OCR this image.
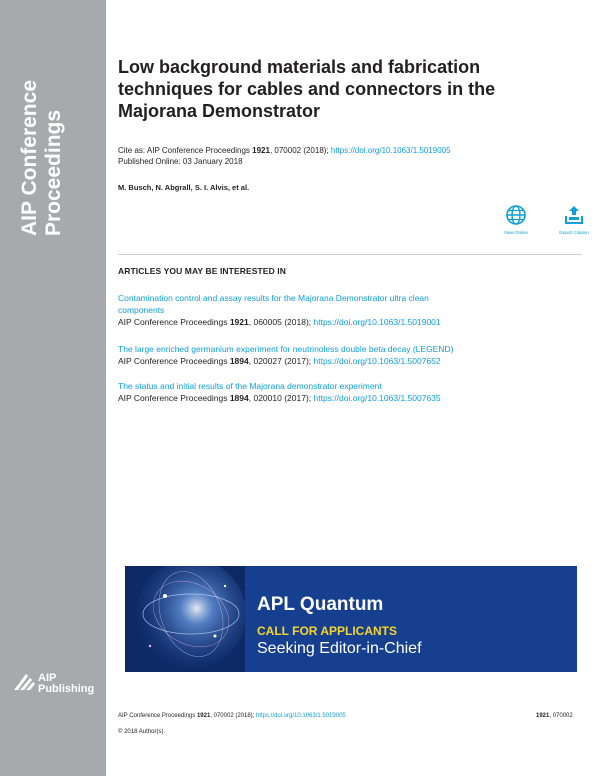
AIP Conference Proceedings
AIP
Publishing
Low background materials and fabrication
techniques for cables and connectors in the
Majorana Demonstrator
Cite as: AIP Conference Proceedings 1921, 070002 (2018); https://doi.org/10.1063/1.5019005
Published Online: 03 January 2018
M. Busch, N. Abgrall, S. I. Alvis, et al.
View Online	Export Citation
ARTICLES YOU MAY BE INTERESTED IN
Contamination control and assay results for the Majorana Demonstrator ultra clean
components
AIP Conference Proceedings 1921, 060005 (2018); https://doi.org/10.1063/1.5019001
The large enriched germanium experiment for neutrinoless double beta decay (LEGEND)
AIP Conference Proceedings 1894, 020027 (2017); https://doi.org/10.1063/1.5007652
The status and initial results of the Majorana demonstrator experiment
AIP Conference Proceedings 1894, 020010 (2017); https://doi.org/10.1063/1.5007635
APL Quantum
CALL FOR APPLICANTS
Seeking Editor-in-Chief
AIP Conference Proceedings 1921, 070002 (2018); https://doi.org/10.1063/1.5019005	1921, 070002
© 2018 Author(s).
